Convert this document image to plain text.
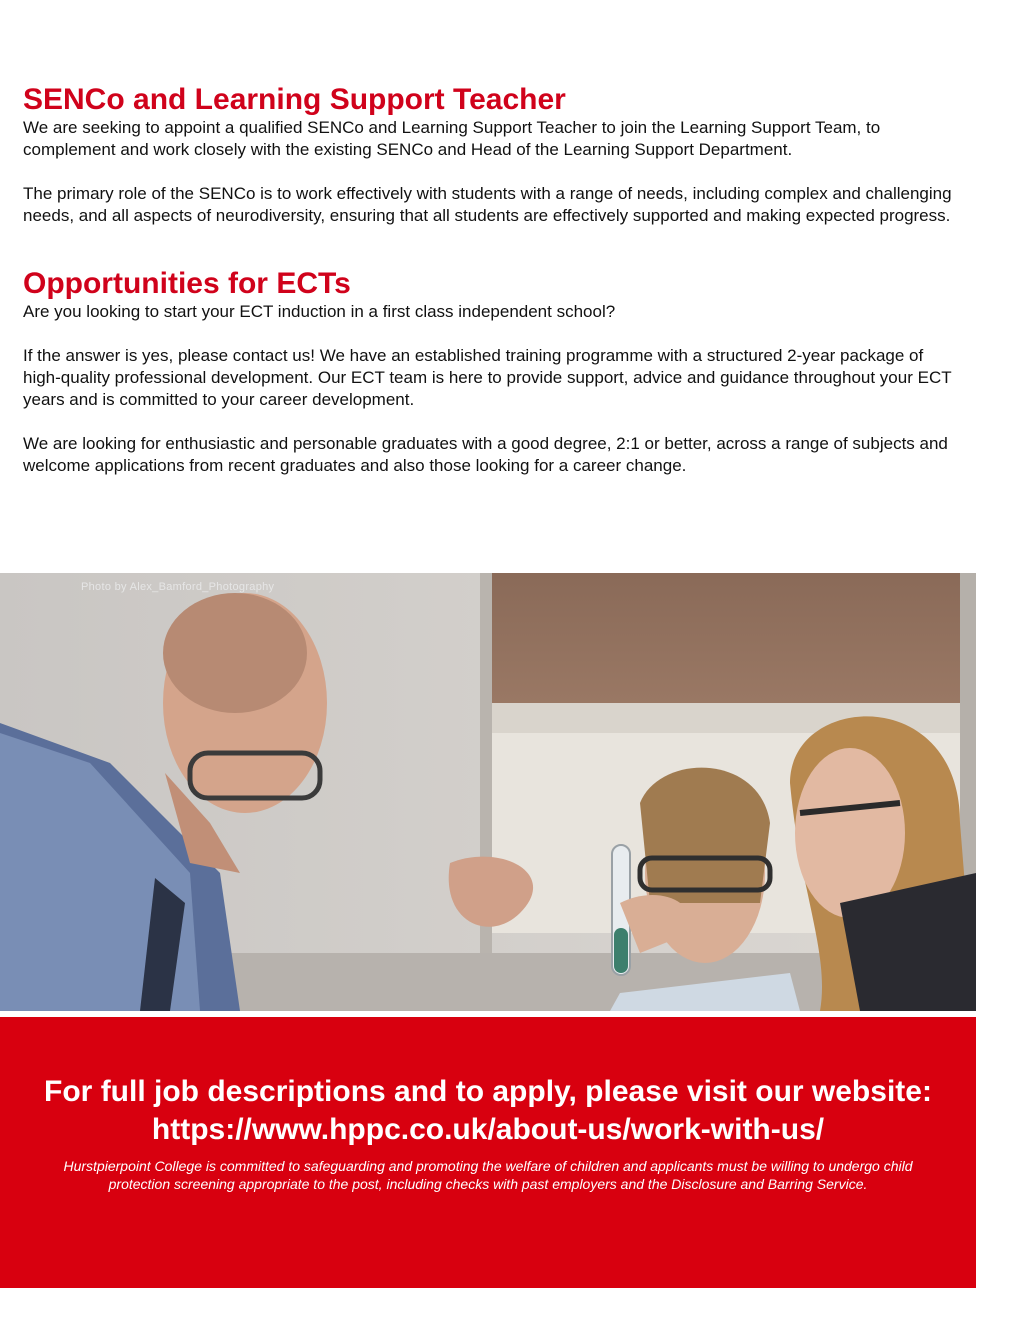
SENCo and Learning Support Teacher

We are seeking to appoint a qualified SENCo and Learning Support Teacher to join the Learning Support Team, to complement and work closely with the existing SENCo and Head of the Learning Support Department.

The primary role of the SENCo is to work effectively with students with a range of needs, including complex and challenging needs, and all aspects of neurodiversity, ensuring that all students are effectively supported and making expected progress.

Opportunities for ECTs

Are you looking to start your ECT induction in a first class independent school?

If the answer is yes, please contact us! We have an established training programme with a structured 2-year package of high-quality professional development. Our ECT team is here to provide support, advice and guidance throughout your ECT years and is committed to your career development.

We are looking for enthusiastic and personable graduates with a good degree, 2:1 or better, across a range of subjects and welcome applications from recent graduates and also those looking for a career change.

Photo by Alex_Bamford_Photography
For full job descriptions and to apply, please visit our website: https://www.hppc.co.uk/about-us/work-with-us/
Hurstpierpoint College is committed to safeguarding and promoting the welfare of children and applicants must be willing to undergo child protection screening appropriate to the post, including checks with past employers and the Disclosure and Barring Service.
